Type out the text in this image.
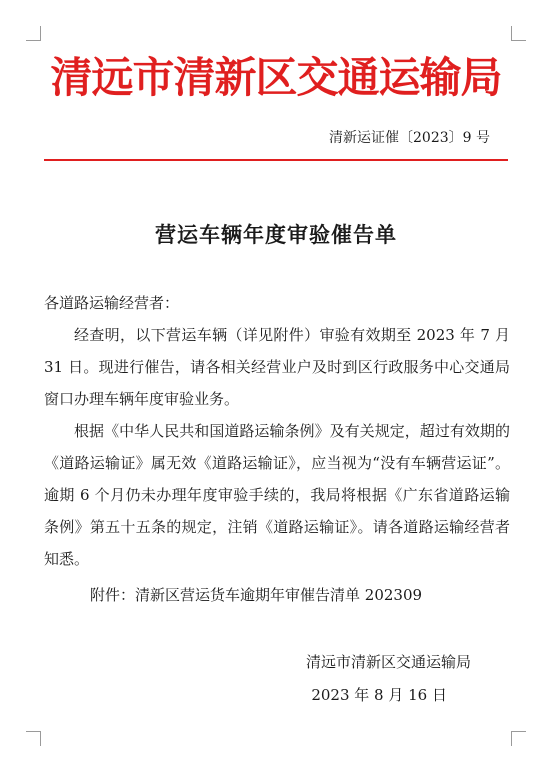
清远市清新区交通运输局
清新运证催〔2023〕9 号
营运车辆年度审验催告单

各道路运输经营者：

经查明，以下营运车辆（详见附件）审验有效期至 2023 年 7 月 31 日。现进行催告，请各相关经营业户及时到区行政服务中心交通局窗口办理车辆年度审验业务。

根据《中华人民共和国道路运输条例》及有关规定，超过有效期的《道路运输证》属无效《道路运输证》，应当视为“没有车辆营运证”。逾期 6 个月仍未办理年度审验手续的，我局将根据《广东省道路运输条例》第五十五条的规定，注销《道路运输证》。请各道路运输经营者知悉。

附件：清新区营运货车逾期年审催告清单 202309
清远市清新区交通运输局
2023 年 8 月 16 日
